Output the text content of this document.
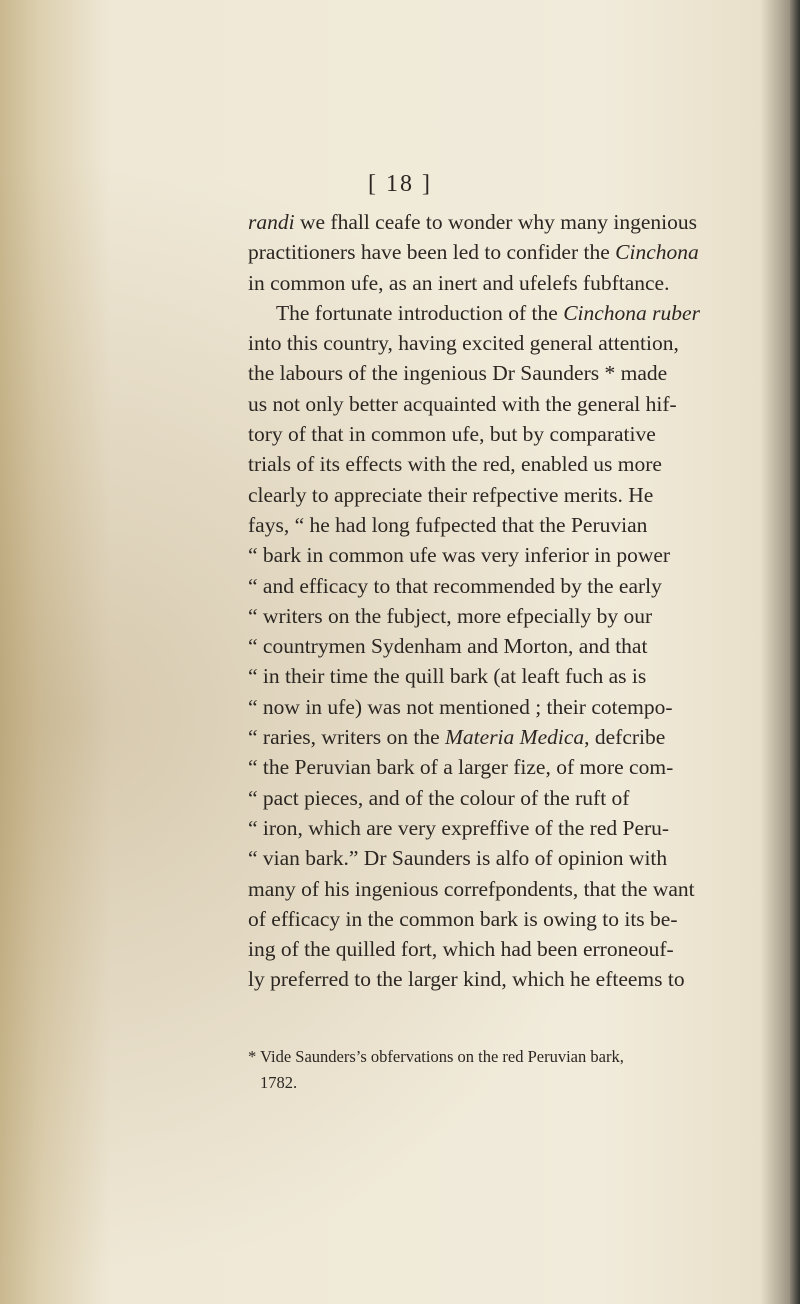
[ 18 ]
randi we fhall ceafe to wonder why many ingenious
practitioners have been led to confider the Cinchona
in common ufe, as an inert and ufelefs fubftance.
The fortunate introduction of the Cinchona ruber
into this country, having excited general attention,
the labours of the ingenious Dr Saunders * made
us not only better acquainted with the general hif-
tory of that in common ufe, but by comparative
trials of its effects with the red, enabled us more
clearly to appreciate their refpective merits. He
fays, “ he had long fufpected that the Peruvian
“ bark in common ufe was very inferior in power
“ and efficacy to that recommended by the early
“ writers on the fubject, more efpecially by our
“ countrymen Sydenham and Morton, and that
“ in their time the quill bark (at leaft fuch as is
“ now in ufe) was not mentioned ; their cotempo-
“ raries, writers on the Materia Medica, defcribe
“ the Peruvian bark of a larger fize, of more com-
“ pact pieces, and of the colour of the ruft of
“ iron, which are very expreffive of the red Peru-
“ vian bark.” Dr Saunders is alfo of opinion with
many of his ingenious correfpondents, that the want
of efficacy in the common bark is owing to its be-
ing of the quilled fort, which had been erroneouf-
ly preferred to the larger kind, which he efteems to
* Vide Saunders’s obfervations on the red Peruvian bark,
1782.
